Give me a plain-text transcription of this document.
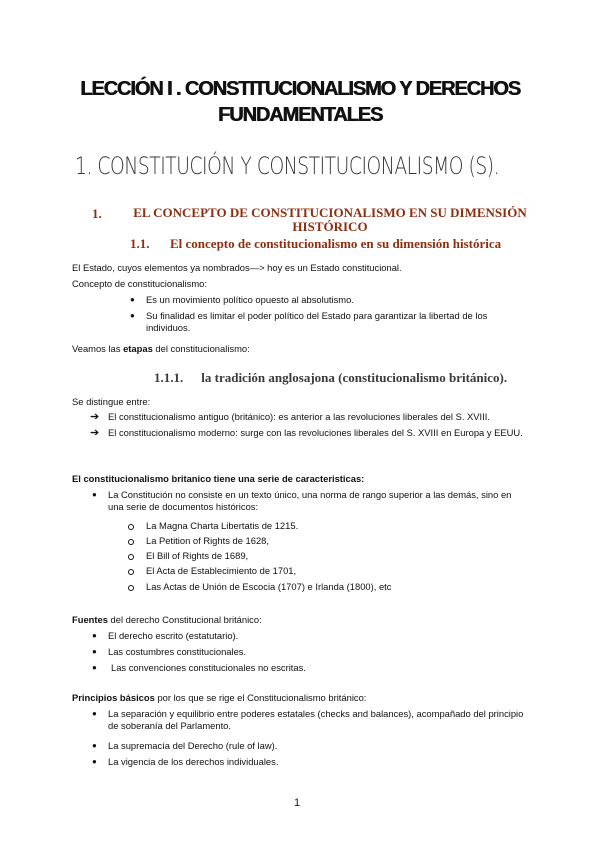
LECCIÓN I . CONSTITUCIONALISMO Y DERECHOS
FUNDAMENTALES
1. CONSTITUCIÓN Y CONSTITUCIONALISMO (S).
1.	EL CONCEPTO DE CONSTITUCIONALISMO EN SU DIMENSIÓN HISTÓRICO
1.1. El concepto de constitucionalismo en su dimensión histórica
El Estado, cuyos elementos ya nombrados—> hoy es un Estado constitucional.
Concepto de constitucionalismo:
● Es un movimiento político opuesto al absolutismo.
● Su finalidad es limitar el poder político del Estado para garantizar la libertad de los individuos.
Veamos las etapas del constitucionalismo:
1.1.1. la tradición anglosajona (constitucionalismo británico).
Se distingue entre:
➔ El constitucionalismo antiguo (británico): es anterior a las revoluciones liberales del S. XVIII.
➔ El constitucionalismo moderno: surge con las revoluciones liberales del S. XVIII en Europa y EEUU.
El constitucionalismo britanico tiene una serie de caracteristicas:
● La Constitución no consiste en un texto único, una norma de rango superior a las demás, sino en una serie de documentos históricos:
La Magna Charta Libertatis de 1215.
La Petition of Rights de 1628,
El Bill of Rights de 1689,
El Acta de Establecimiento de 1701,
Las Actas de Unión de Escocia (1707) e Irlanda (1800), etc
Fuentes del derecho Constitucional británico:
● El derecho escrito (estatutario).
● Las costumbres constitucionales.
● Las convenciones constitucionales no escritas.
Principios básicos por los que se rige el Constitucionalismo británico:
● La separación y equilibrio entre poderes estatales (checks and balances), acompañado del principio de soberanía del Parlamento.
● La supremacía del Derecho (rule of law).
● La vigencia de los derechos individuales.
1
